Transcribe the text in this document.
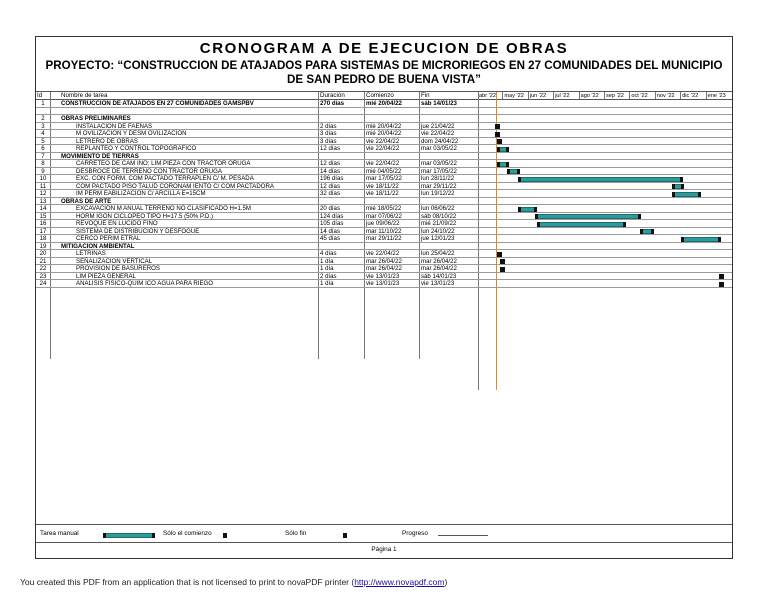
CRONOGRAM A DE EJECUCION DE OBRAS
PROYECTO: “CONSTRUCCION DE ATAJADOS PARA SISTEMAS DE MICRORIEGOS EN 27 COMUNIDADES DEL MUNICIPIO
DE SAN PEDRO DE BUENA VISTA”
Id	Nombre de tarea	Duración	Comienzo	Fin	abr '22 may '22 jun '22 jul '22 ago '22 sep '22 oct '22 nov '22 dic '22 ene '23
1	CONSTRUCCION DE ATAJADOS EN 27 COMUNIDADES GAMSPBV	270 días	mié 20/04/22	sáb 14/01/23
2	OBRAS PRELIMINARES
3	INSTALACION DE FAENAS	2 días	mié 20/04/22	jue 21/04/22
4	M OVILIZACION Y DESM OVILIZACION	3 días	mié 20/04/22	vie 22/04/22
5	LETRERO DE OBRAS	3 días	vie 22/04/22	dom 24/04/22
6	REPLANTEO Y CONTROL TOPOGRAFICO	12 días	vie 22/04/22	mar 03/05/22
7	MOVIMIENTO DE TIERRAS
8	CARRETEO DE CAM INO; LIM PIEZA CON TRACTOR ORUGA	12 días	vie 22/04/22	mar 03/05/22
9	DESBROCE DE TERRENO CON TRACTOR ORUGA	14 días	mié 04/05/22	mar 17/05/22
10	EXC. CON FORM. COM PACTADO TERRAPLEN C/ M. PESADA	196 días	mar 17/05/22	lun 28/11/22
11	COM PACTADO PISO TALUD CORONAM IENTO C/ COM PACTADORA	12 días	vie 18/11/22	mar 29/11/22
12	IM PERM EABILIZACION C/ ARCILLA E=15CM	32 días	vie 18/11/22	lun 19/12/22
13	OBRAS DE ARTE
14	EXCAVACION M ANUAL TERRENO NO CLASIFICADO H=1.5M	20 días	mié 18/05/22	lun 06/06/22
15	HORM IGON CICLOPEO TIPO H=17.5 (50% P.D.)	124 días	mar 07/06/22	sáb 08/10/22
16	REVOQUE EN LUCIDO FINO	105 días	jue 09/06/22	mié 21/09/22
17	SISTEMA DE DISTRIBUCION Y DESFOGUE	14 días	mar 11/10/22	lun 24/10/22
18	CERCO PERIM ETRAL	45 días	mar 29/11/22	jue 12/01/23
19	MITIGACION AMBIENTAL
20	LETRINAS	4 días	vie 22/04/22	lun 25/04/22
21	SEÑALIZACION VERTICAL	1 día	mar 26/04/22	mar 26/04/22
22	PROVISION DE BASUREROS	1 día	mar 26/04/22	mar 26/04/22
23	LIM PIEZA GENERAL	2 días	vie 13/01/23	sáb 14/01/23
24	ANALISIS FISICO-QUIM ICO AGUA PARA RIEGO	1 día	vie 13/01/23	vie 13/01/23
Tarea manual	Sólo el comienzo	Sólo fin	Progreso
Página 1
You created this PDF from an application that is not licensed to print to novaPDF printer (http://www.novapdf.com)
